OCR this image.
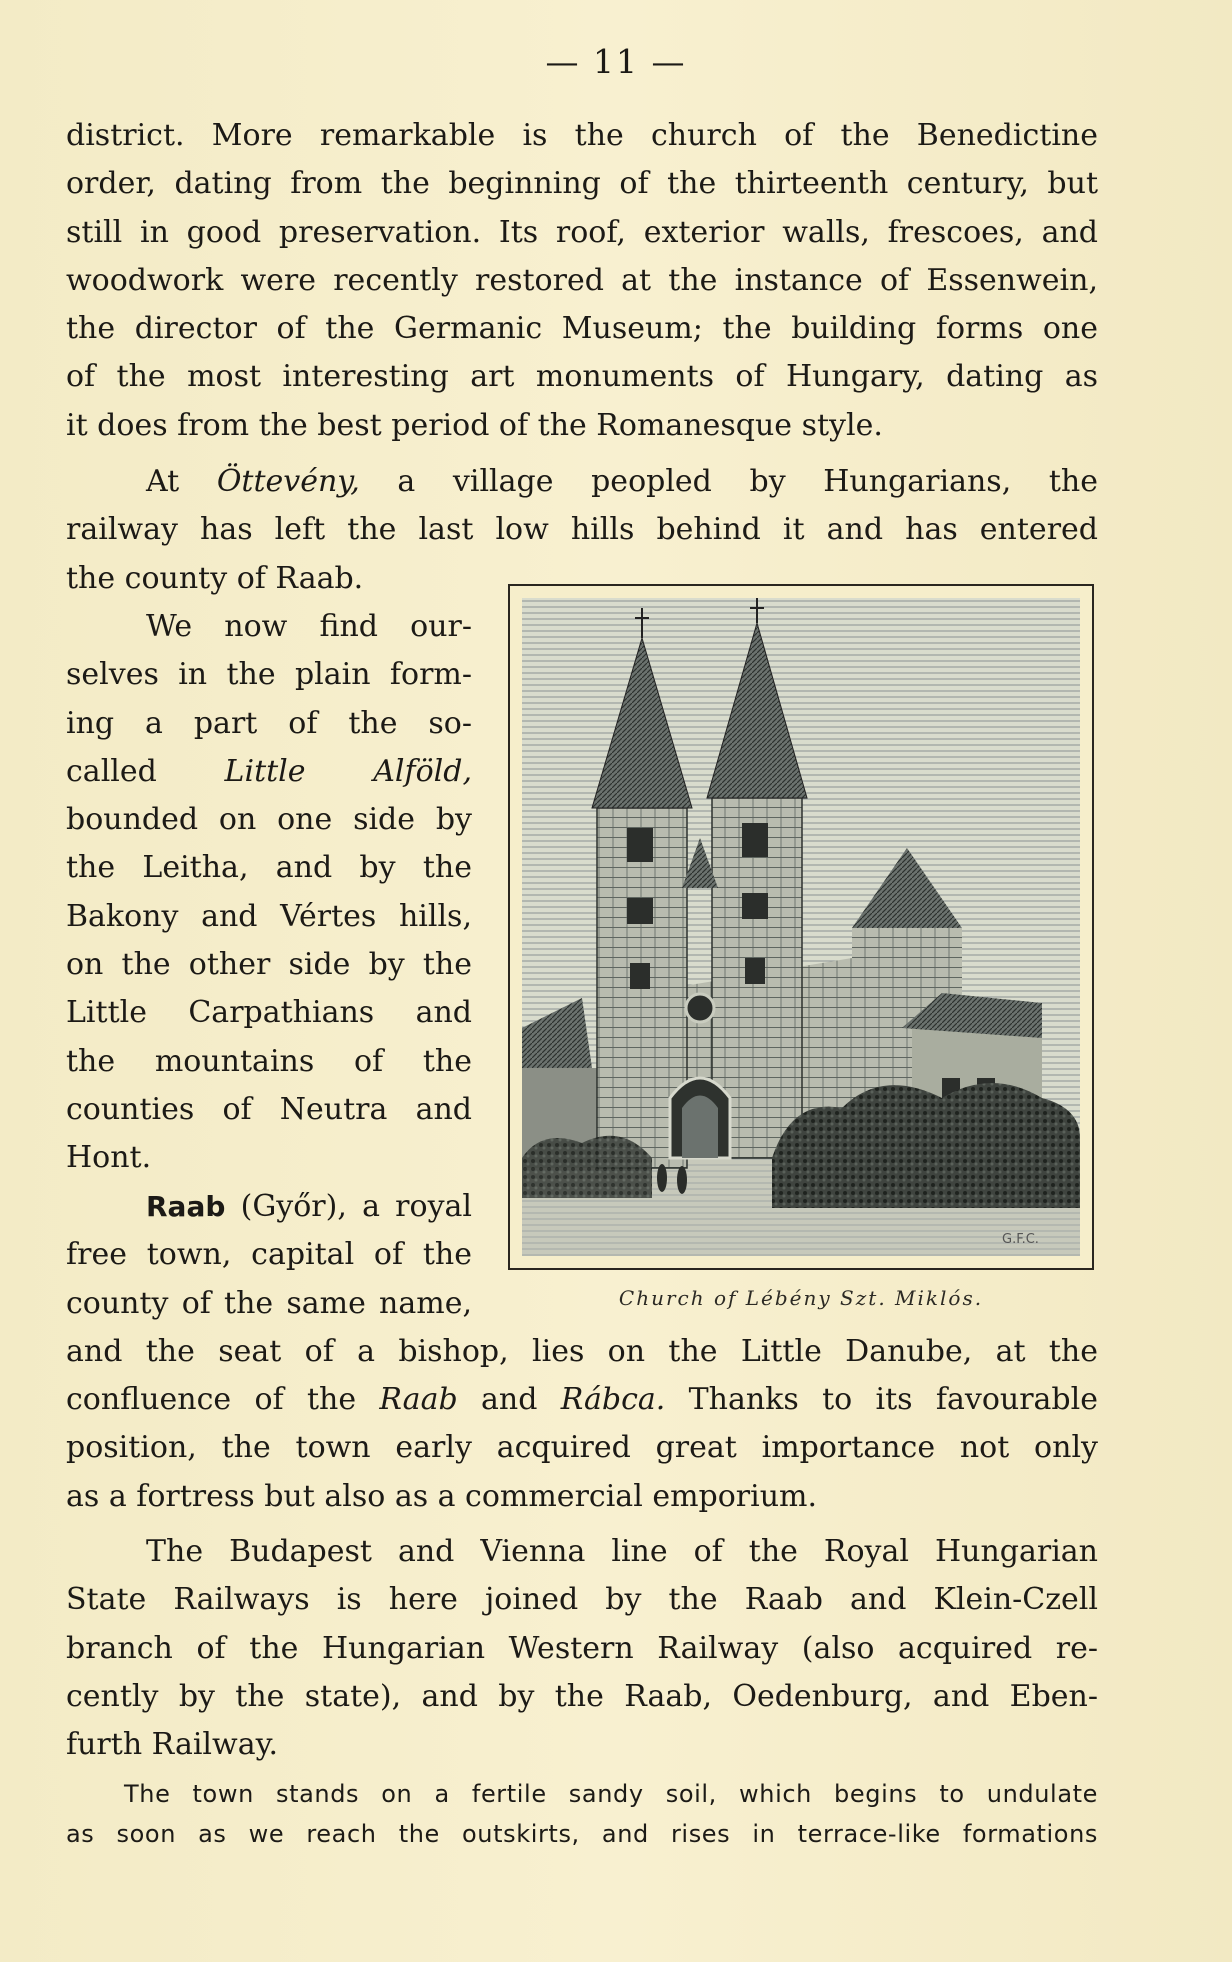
— 11 —
district. More remarkable is the church of the Benedictine
order, dating from the beginning of the thirteenth century, but
still in good preservation. Its roof, exterior walls, frescoes, and
woodwork were recently restored at the instance of Essenwein,
the director of the Germanic Museum; the building forms one
of the most interesting art monuments of Hungary, dating as
it does from the best period of the Romanesque style.
At Öttevény, a village peopled by Hungarians, the
railway has left the last low hills behind it and has entered
the county of Raab.
We now find our-
selves in the plain form-
ing a part of the so-
called Little Alföld,
bounded on one side by
the Leitha, and by the
Bakony and Vértes hills,
on the other side by the
Little Carpathians and
the mountains of the
counties of Neutra and
Hont.
Raab (Győr), a royal
free town, capital of the
county of the same name,
and the seat of a bishop, lies on the Little Danube, at the
confluence of the Raab and Rábca. Thanks to its favourable
position, the town early acquired great importance not only
as a fortress but also as a commercial emporium.
The Budapest and Vienna line of the Royal Hungarian
State Railways is here joined by the Raab and Klein-Czell
branch of the Hungarian Western Railway (also acquired re-
cently by the state), and by the Raab, Oedenburg, and Eben-
furth Railway.
The town stands on a fertile sandy soil, which begins to undulate
as soon as we reach the outskirts, and rises in terrace-like formations
G.F.C.
Church of Lébény Szt. Miklós.
